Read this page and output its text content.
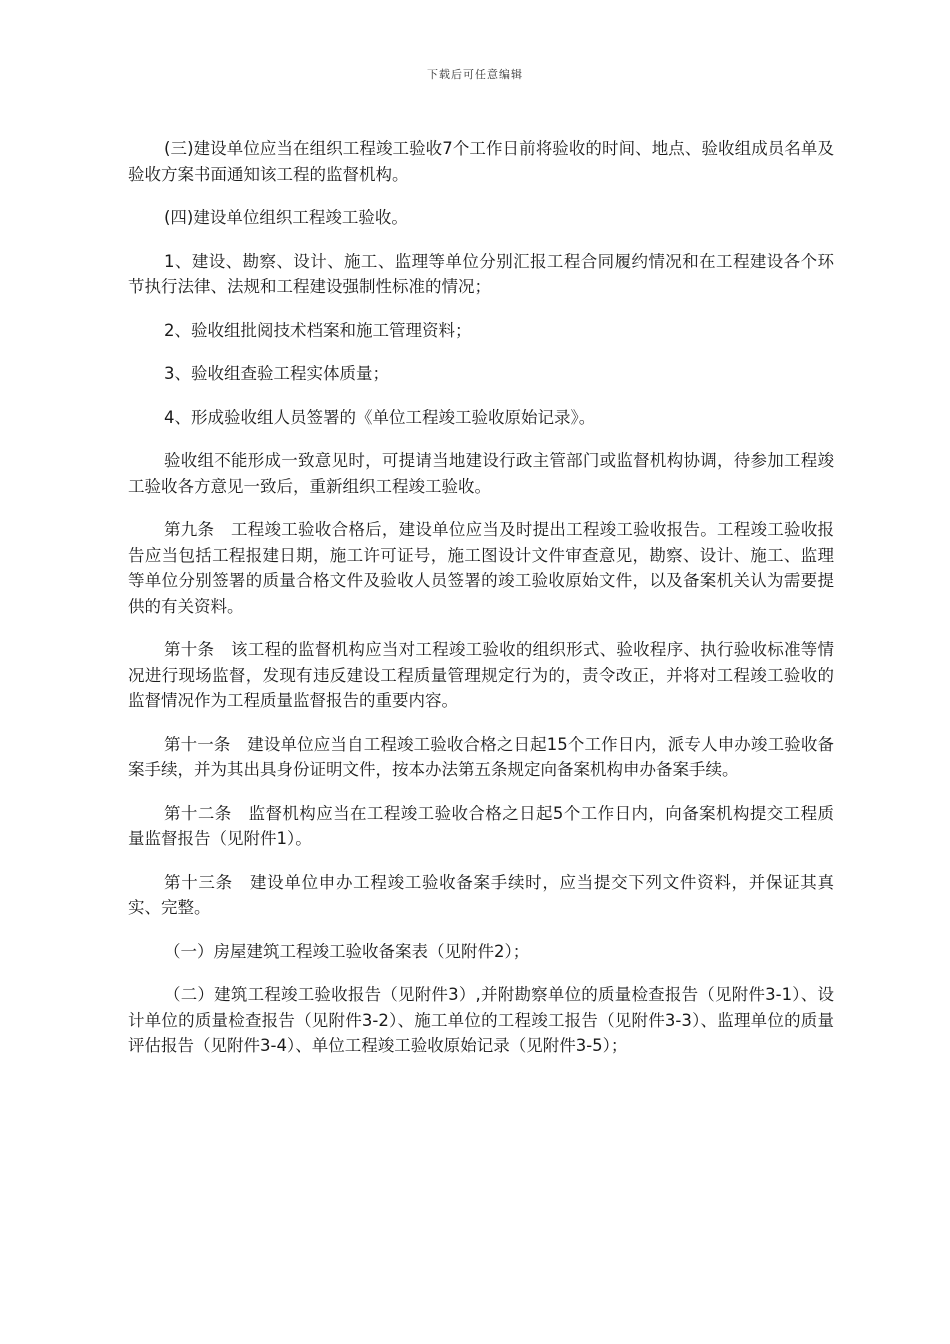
下载后可任意编辑

(三)建设单位应当在组织工程竣工验收7个工作日前将验收的时间、地点、验收组成员名单及验收方案书面通知该工程的监督机构。

(四)建设单位组织工程竣工验收。

1、建设、勘察、设计、施工、监理等单位分别汇报工程合同履约情况和在工程建设各个环节执行法律、法规和工程建设强制性标准的情况；

2、验收组批阅技术档案和施工管理资料；

3、验收组查验工程实体质量；

4、形成验收组人员签署的《单位工程竣工验收原始记录》。

验收组不能形成一致意见时，可提请当地建设行政主管部门或监督机构协调，待参加工程竣工验收各方意见一致后，重新组织工程竣工验收。

第九条　工程竣工验收合格后，建设单位应当及时提出工程竣工验收报告。工程竣工验收报告应当包括工程报建日期，施工许可证号，施工图设计文件审查意见，勘察、设计、施工、监理等单位分别签署的质量合格文件及验收人员签署的竣工验收原始文件，以及备案机关认为需要提供的有关资料。

第十条　该工程的监督机构应当对工程竣工验收的组织形式、验收程序、执行验收标准等情况进行现场监督，发现有违反建设工程质量管理规定行为的，责令改正，并将对工程竣工验收的监督情况作为工程质量监督报告的重要内容。

第十一条　建设单位应当自工程竣工验收合格之日起15个工作日内，派专人申办竣工验收备案手续，并为其出具身份证明文件，按本办法第五条规定向备案机构申办备案手续。

第十二条　监督机构应当在工程竣工验收合格之日起5个工作日内，向备案机构提交工程质量监督报告（见附件1）。

第十三条　建设单位申办工程竣工验收备案手续时，应当提交下列文件资料，并保证其真实、完整。

（一）房屋建筑工程竣工验收备案表（见附件2）；

（二）建筑工程竣工验收报告（见附件3）,并附勘察单位的质量检查报告（见附件3-1）、设计单位的质量检查报告（见附件3-2）、施工单位的工程竣工报告（见附件3-3）、监理单位的质量评估报告（见附件3-4）、单位工程竣工验收原始记录（见附件3-5）；
